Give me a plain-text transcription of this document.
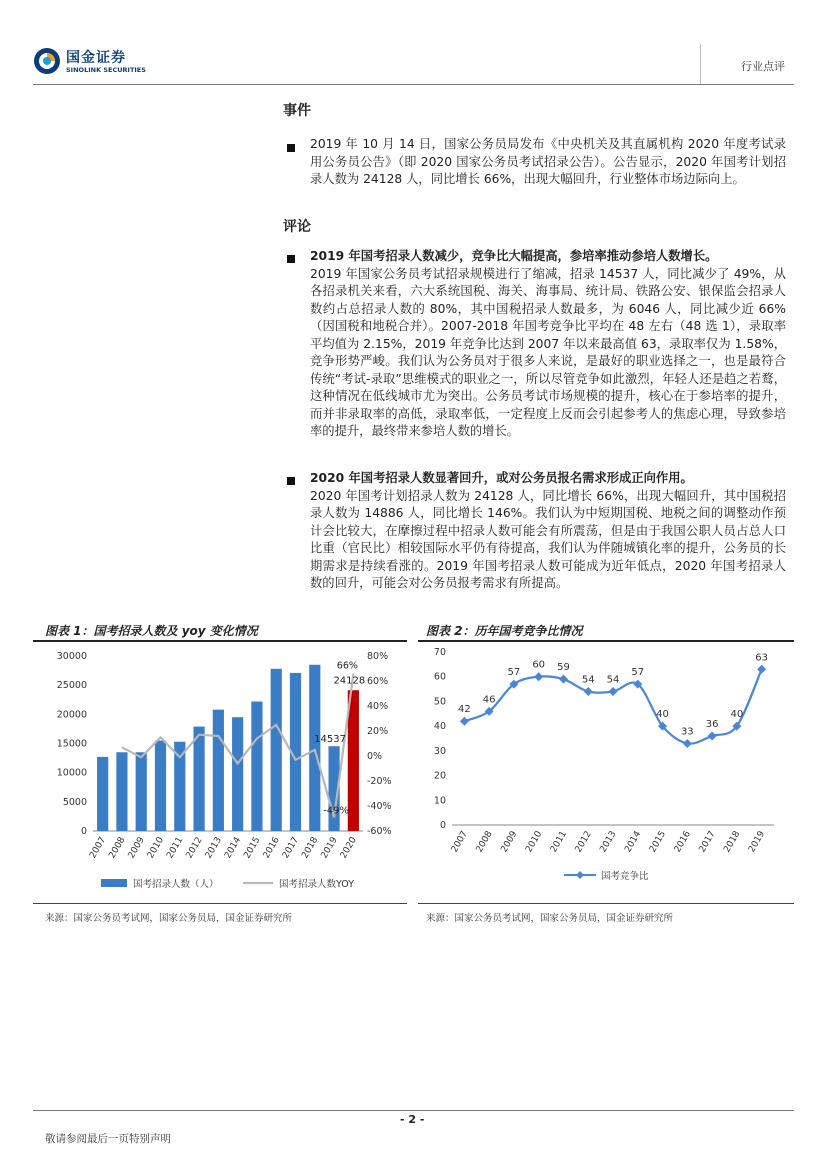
国金证券
SINOLINK SECURITIES	行业点评
事件
2019 年 10 月 14 日，国家公务员局发布《中央机关及其直属机构 2020 年度考试录用公务员公告》（即 2020 国家公务员考试招录公告）。公告显示，2020 年国考计划招录人数为 24128 人，同比增长 66%，出现大幅回升，行业整体市场边际向上。
评论
2019 年国考招录人数减少，竞争比大幅提高，参培率推动参培人数增长。
2019 年国家公务员考试招录规模进行了缩减，招录 14537 人，同比减少了 49%，从各招录机关来看，六大系统国税、海关、海事局、统计局、铁路公安、银保监会招录人数约占总招录人数的 80%，其中国税招录人数最多，为 6046 人，同比减少近 66%（因国税和地税合并）。2007-2018 年国考竞争比平均在 48 左右（48 选 1），录取率平均值为 2.15%，2019 年竞争比达到 2007 年以来最高值 63，录取率仅为 1.58%，竞争形势严峻。我们认为公务员对于很多人来说，是最好的职业选择之一，也是最符合传统“考试-录取”思维模式的职业之一，所以尽管竞争如此激烈，年轻人还是趋之若鹜，这种情况在低线城市尤为突出。公务员考试市场规模的提升，核心在于参培率的提升，而并非录取率的高低，录取率低，一定程度上反而会引起参考人的焦虑心理，导致参培率的提升，最终带来参培人数的增长。
2020 年国考招录人数显著回升，或对公务员报名需求形成正向作用。
2020 年国考计划招录人数为 24128 人，同比增长 66%，出现大幅回升，其中国税招录人数为 14886 人，同比增长 146%。我们认为中短期国税、地税之间的调整动作预计会比较大，在摩擦过程中招录人数可能会有所震荡，但是由于我国公职人员占总人口比重（官民比）相较国际水平仍有待提高，我们认为伴随城镇化率的提升，公务员的长期需求是持续看涨的。2019 年国考招录人数可能成为近年低点，2020 年国考招录人数的回升，可能会对公务员报考需求有所提高。
图表 1：国考招录人数及 yoy 变化情况
0
5000
10000
15000
20000
25000
30000
-60%
-40%
-20%
0%
20%
40%
60%
80%
14537
24128
-49%
66%
2007 2008 2009 2010 2011 2012 2013 2014 2015 2016 2017 2018 2019 2020
国考招录人数（人）	国考招录人数YOY
来源：国家公务员考试网，国家公务员局，国金证券研究所
图表 2：历年国考竞争比情况
0
10
20
30
40
50
60
70
42
46
57
60 59
54 54
57
40
33
36
40
63
2007 2008 2009 2010 2011 2012 2013 2014 2015 2016 2017 2018 2019
国考竞争比
来源：国家公务员考试网，国家公务员局，国金证券研究所
- 2 -
敬请参阅最后一页特别声明
